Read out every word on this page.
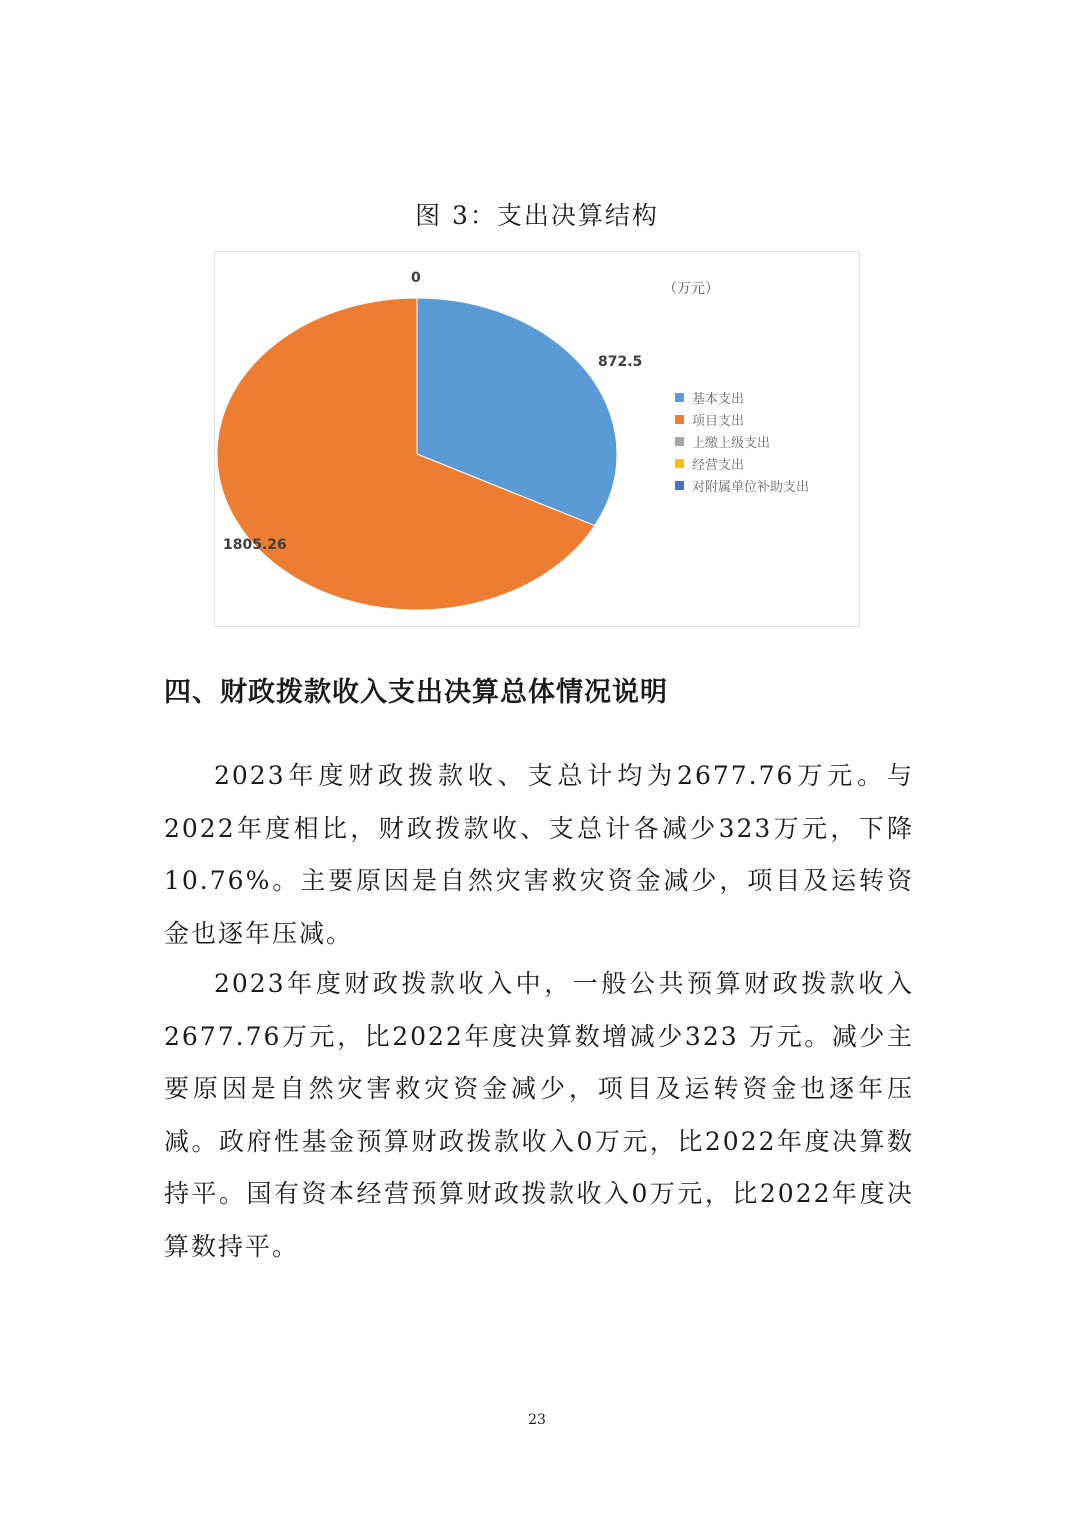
图 3：支出决算结构
（万元）
0
872.5
1805.26
基本支出
项目支出
上缴上级支出
经营支出
对附属单位补助支出
四、财政拨款收入支出决算总体情况说明

2023年度财政拨款收、支总计均为2677.76万元。与2022年度相比，财政拨款收、支总计各减少323万元，下降10.76%。主要原因是自然灾害救灾资金减少，项目及运转资金也逐年压减。

2023年度财政拨款收入中，一般公共预算财政拨款收入2677.76万元，比2022年度决算数增减少323 万元。减少主要原因是自然灾害救灾资金减少，项目及运转资金也逐年压减。政府性基金预算财政拨款收入0万元，比2022年度决算数持平。国有资本经营预算财政拨款收入0万元，比2022年度决算数持平。

23
